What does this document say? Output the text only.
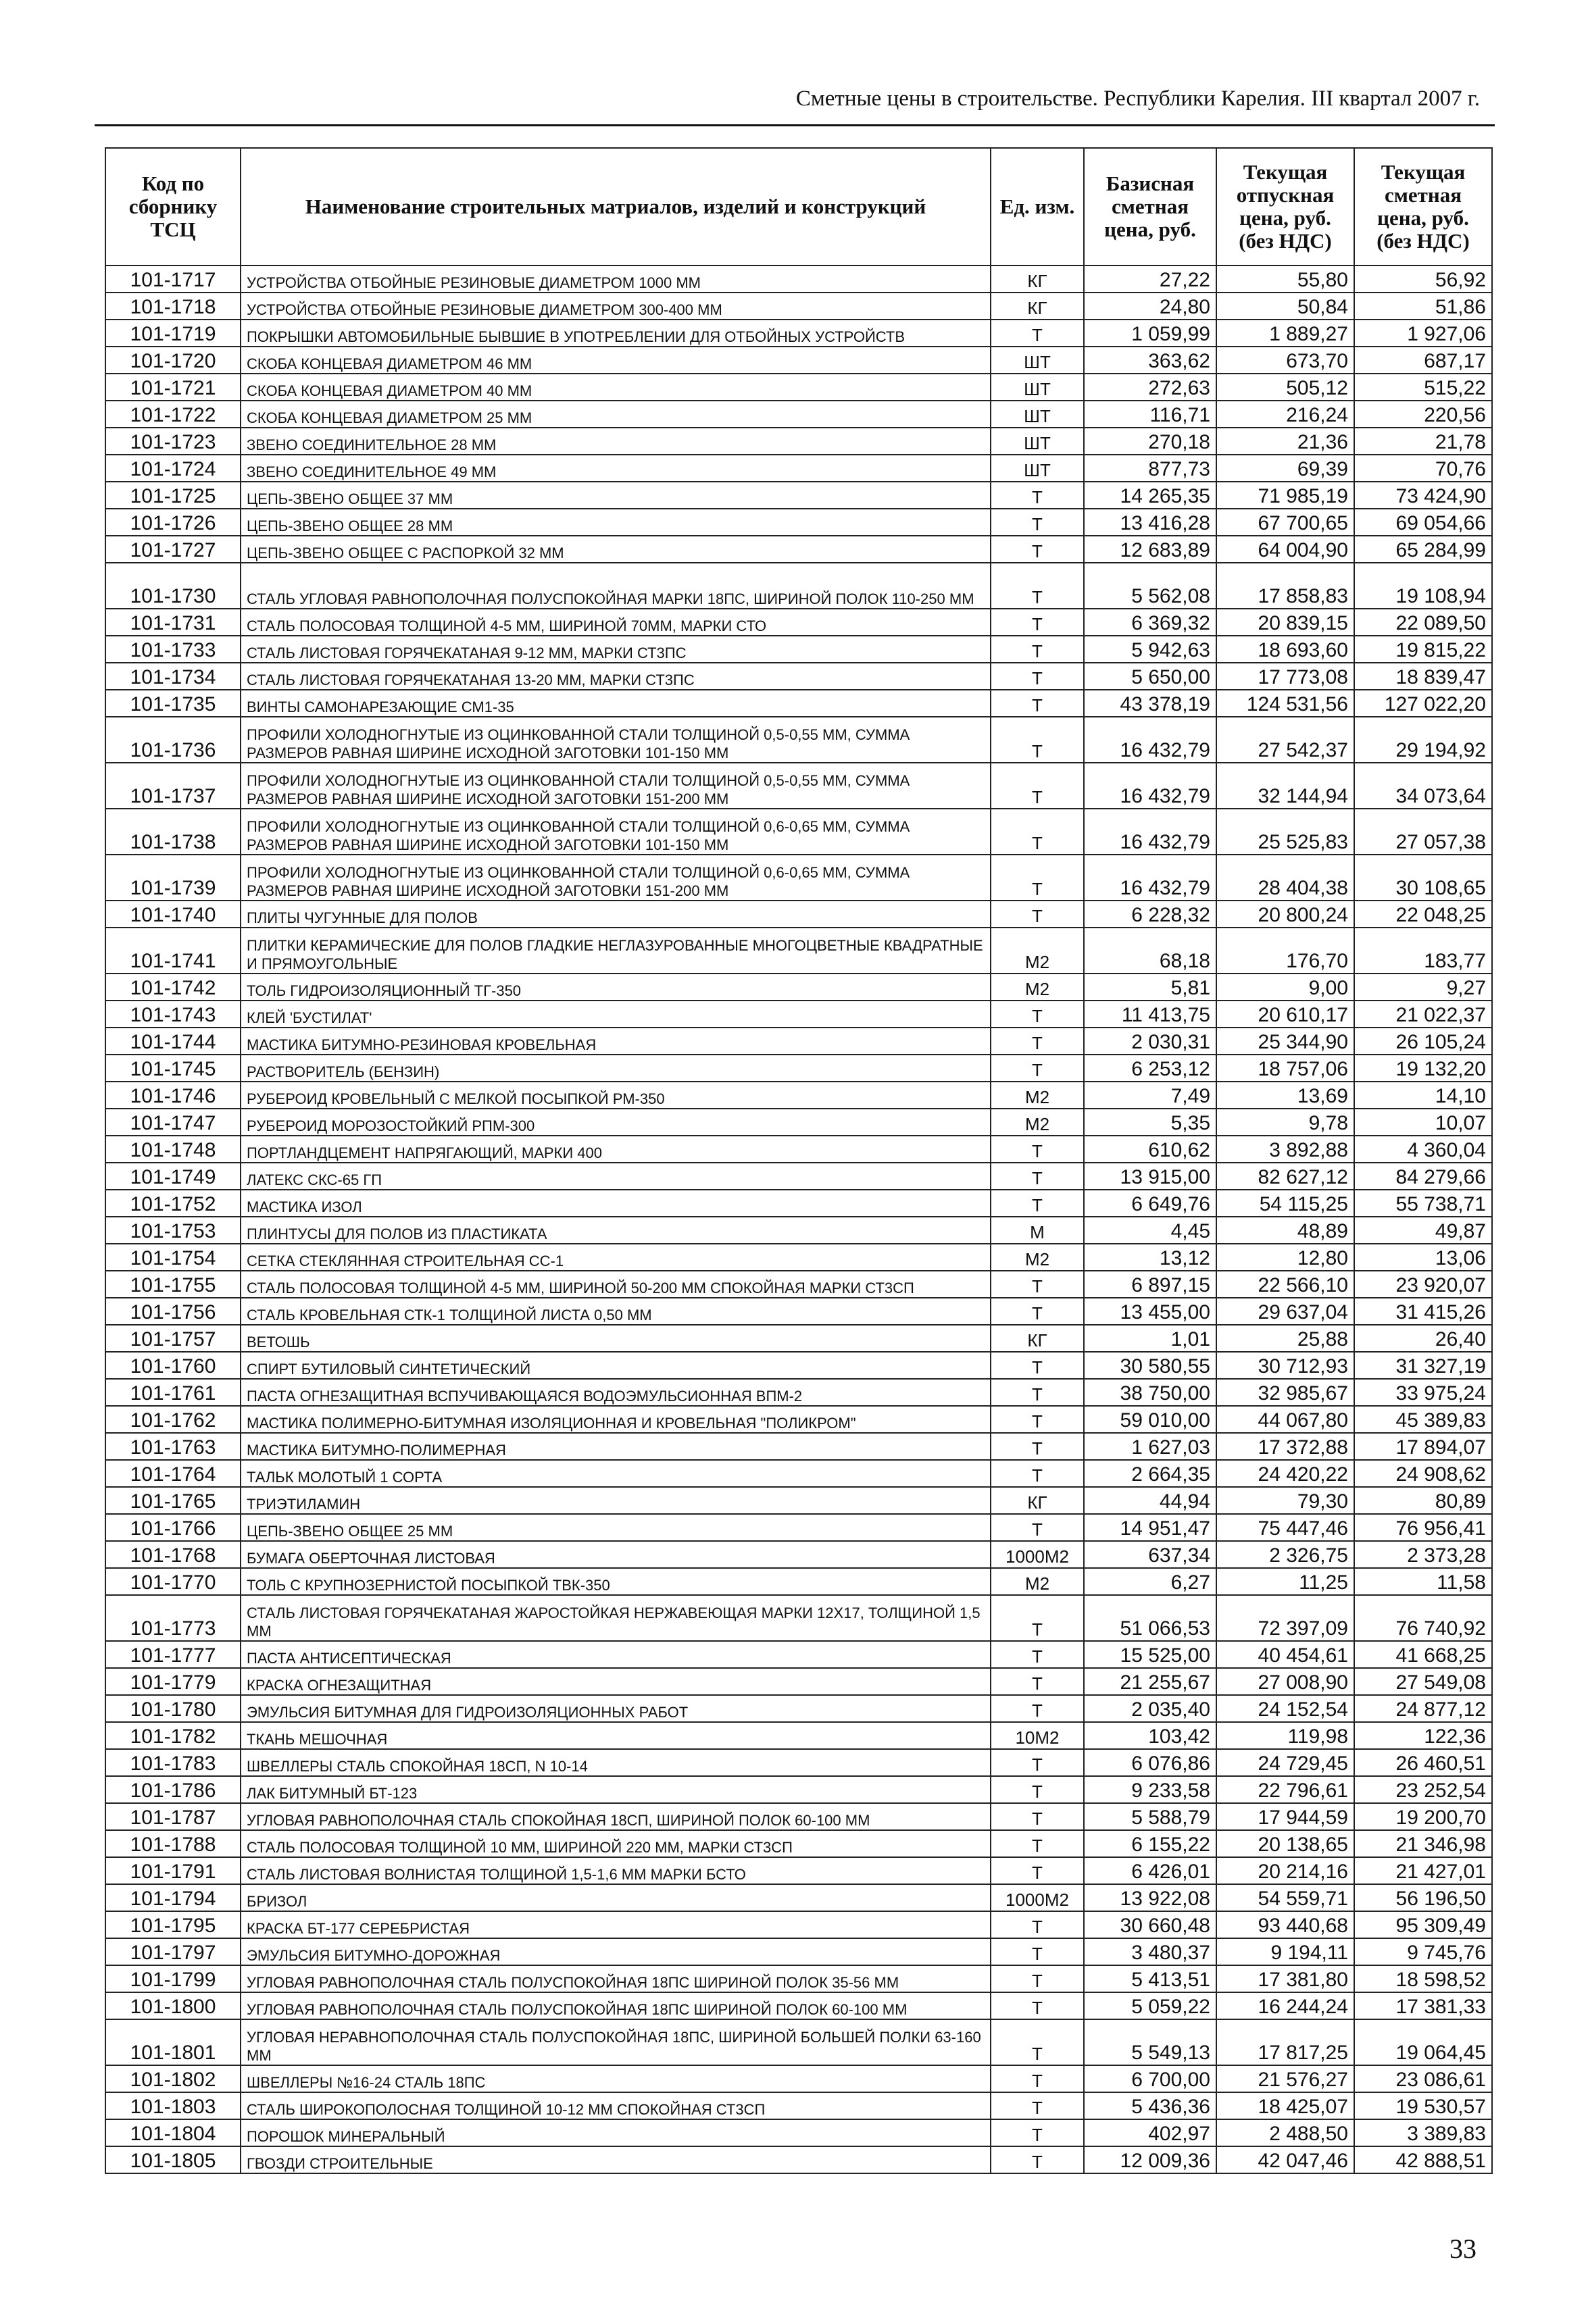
Сметные цены в строительстве. Республики Карелия. III квартал 2007 г.
Код по сборнику ТСЦ	Наименование строительных матриалов, изделий и конструкций	Ед. изм.	Базисная сметная цена, руб.	Текущая отпускная цена, руб. (без НДС)	Текущая сметная цена, руб. (без НДС)
101-1717	УСТРОЙСТВА ОТБОЙНЫЕ РЕЗИНОВЫЕ ДИАМЕТРОМ 1000 ММ	КГ	27,22	55,80	56,92
101-1718	УСТРОЙСТВА ОТБОЙНЫЕ РЕЗИНОВЫЕ ДИАМЕТРОМ 300-400 ММ	КГ	24,80	50,84	51,86
101-1719	ПОКРЫШКИ АВТОМОБИЛЬНЫЕ БЫВШИЕ В УПОТРЕБЛЕНИИ ДЛЯ ОТБОЙНЫХ УСТРОЙСТВ	Т	1 059,99	1 889,27	1 927,06
101-1720	СКОБА КОНЦЕВАЯ ДИАМЕТРОМ 46 ММ	ШТ	363,62	673,70	687,17
101-1721	СКОБА КОНЦЕВАЯ ДИАМЕТРОМ 40 ММ	ШТ	272,63	505,12	515,22
101-1722	СКОБА КОНЦЕВАЯ ДИАМЕТРОМ 25 ММ	ШТ	116,71	216,24	220,56
101-1723	ЗВЕНО СОЕДИНИТЕЛЬНОЕ 28 ММ	ШТ	270,18	21,36	21,78
101-1724	ЗВЕНО СОЕДИНИТЕЛЬНОЕ 49 ММ	ШТ	877,73	69,39	70,76
101-1725	ЦЕПЬ-ЗВЕНО ОБЩЕЕ 37 ММ	Т	14 265,35	71 985,19	73 424,90
101-1726	ЦЕПЬ-ЗВЕНО ОБЩЕЕ 28 ММ	Т	13 416,28	67 700,65	69 054,66
101-1727	ЦЕПЬ-ЗВЕНО ОБЩЕЕ С РАСПОРКОЙ 32 ММ	Т	12 683,89	64 004,90	65 284,99
101-1730	СТАЛЬ УГЛОВАЯ РАВНОПОЛОЧНАЯ ПОЛУСПОКОЙНАЯ МАРКИ 18ПС, ШИРИНОЙ ПОЛОК 110-250 ММ	Т	5 562,08	17 858,83	19 108,94
101-1731	СТАЛЬ ПОЛОСОВАЯ ТОЛЩИНОЙ 4-5 ММ, ШИРИНОЙ 70ММ, МАРКИ СТО	Т	6 369,32	20 839,15	22 089,50
101-1733	СТАЛЬ ЛИСТОВАЯ ГОРЯЧЕКАТАНАЯ 9-12 ММ, МАРКИ СТ3ПС	Т	5 942,63	18 693,60	19 815,22
101-1734	СТАЛЬ ЛИСТОВАЯ ГОРЯЧЕКАТАНАЯ 13-20 ММ, МАРКИ СТ3ПС	Т	5 650,00	17 773,08	18 839,47
101-1735	ВИНТЫ САМОНАРЕЗАЮЩИЕ СМ1-35	Т	43 378,19	124 531,56	127 022,20
101-1736	ПРОФИЛИ ХОЛОДНОГНУТЫЕ ИЗ ОЦИНКОВАННОЙ СТАЛИ ТОЛЩИНОЙ 0,5-0,55 ММ, СУММА РАЗМЕРОВ РАВНАЯ ШИРИНЕ ИСХОДНОЙ ЗАГОТОВКИ 101-150 ММ	Т	16 432,79	27 542,37	29 194,92
101-1737	ПРОФИЛИ ХОЛОДНОГНУТЫЕ ИЗ ОЦИНКОВАННОЙ СТАЛИ ТОЛЩИНОЙ 0,5-0,55 ММ, СУММА РАЗМЕРОВ РАВНАЯ ШИРИНЕ ИСХОДНОЙ ЗАГОТОВКИ 151-200 ММ	Т	16 432,79	32 144,94	34 073,64
101-1738	ПРОФИЛИ ХОЛОДНОГНУТЫЕ ИЗ ОЦИНКОВАННОЙ СТАЛИ ТОЛЩИНОЙ 0,6-0,65 ММ, СУММА РАЗМЕРОВ РАВНАЯ ШИРИНЕ ИСХОДНОЙ ЗАГОТОВКИ 101-150 ММ	Т	16 432,79	25 525,83	27 057,38
101-1739	ПРОФИЛИ ХОЛОДНОГНУТЫЕ ИЗ ОЦИНКОВАННОЙ СТАЛИ ТОЛЩИНОЙ 0,6-0,65 ММ, СУММА РАЗМЕРОВ РАВНАЯ ШИРИНЕ ИСХОДНОЙ ЗАГОТОВКИ 151-200 ММ	Т	16 432,79	28 404,38	30 108,65
101-1740	ПЛИТЫ ЧУГУННЫЕ ДЛЯ ПОЛОВ	Т	6 228,32	20 800,24	22 048,25
101-1741	ПЛИТКИ КЕРАМИЧЕСКИЕ ДЛЯ ПОЛОВ ГЛАДКИЕ НЕГЛАЗУРОВАННЫЕ МНОГОЦВЕТНЫЕ КВАДРАТНЫЕ И ПРЯМОУГОЛЬНЫЕ	М2	68,18	176,70	183,77
101-1742	ТОЛЬ ГИДРОИЗОЛЯЦИОННЫЙ ТГ-350	М2	5,81	9,00	9,27
101-1743	КЛЕЙ 'БУСТИЛАТ'	Т	11 413,75	20 610,17	21 022,37
101-1744	МАСТИКА БИТУМНО-РЕЗИНОВАЯ КРОВЕЛЬНАЯ	Т	2 030,31	25 344,90	26 105,24
101-1745	РАСТВОРИТЕЛЬ (БЕНЗИН)	Т	6 253,12	18 757,06	19 132,20
101-1746	РУБЕРОИД КРОВЕЛЬНЫЙ С МЕЛКОЙ ПОСЫПКОЙ РМ-350	М2	7,49	13,69	14,10
101-1747	РУБЕРОИД МОРОЗОСТОЙКИЙ РПМ-300	М2	5,35	9,78	10,07
101-1748	ПОРТЛАНДЦЕМЕНТ НАПРЯГАЮЩИЙ, МАРКИ 400	Т	610,62	3 892,88	4 360,04
101-1749	ЛАТЕКС СКС-65 ГП	Т	13 915,00	82 627,12	84 279,66
101-1752	МАСТИКА ИЗОЛ	Т	6 649,76	54 115,25	55 738,71
101-1753	ПЛИНТУСЫ ДЛЯ ПОЛОВ ИЗ ПЛАСТИКАТА	М	4,45	48,89	49,87
101-1754	СЕТКА СТЕКЛЯННАЯ СТРОИТЕЛЬНАЯ СС-1	М2	13,12	12,80	13,06
101-1755	СТАЛЬ ПОЛОСОВАЯ ТОЛЩИНОЙ 4-5 ММ, ШИРИНОЙ 50-200 ММ СПОКОЙНАЯ МАРКИ СТ3СП	Т	6 897,15	22 566,10	23 920,07
101-1756	СТАЛЬ КРОВЕЛЬНАЯ СТК-1 ТОЛЩИНОЙ ЛИСТА 0,50 ММ	Т	13 455,00	29 637,04	31 415,26
101-1757	ВЕТОШЬ	КГ	1,01	25,88	26,40
101-1760	СПИРТ БУТИЛОВЫЙ СИНТЕТИЧЕСКИЙ	Т	30 580,55	30 712,93	31 327,19
101-1761	ПАСТА ОГНЕЗАЩИТНАЯ ВСПУЧИВАЮЩАЯСЯ ВОДОЭМУЛЬСИОННАЯ ВПМ-2	Т	38 750,00	32 985,67	33 975,24
101-1762	МАСТИКА ПОЛИМЕРНО-БИТУМНАЯ ИЗОЛЯЦИОННАЯ И КРОВЕЛЬНАЯ "ПОЛИКРОМ"	Т	59 010,00	44 067,80	45 389,83
101-1763	МАСТИКА БИТУМНО-ПОЛИМЕРНАЯ	Т	1 627,03	17 372,88	17 894,07
101-1764	ТАЛЬК МОЛОТЫЙ 1 СОРТА	Т	2 664,35	24 420,22	24 908,62
101-1765	ТРИЭТИЛАМИН	КГ	44,94	79,30	80,89
101-1766	ЦЕПЬ-ЗВЕНО ОБЩЕЕ 25 ММ	Т	14 951,47	75 447,46	76 956,41
101-1768	БУМАГА ОБЕРТОЧНАЯ ЛИСТОВАЯ	1000М2	637,34	2 326,75	2 373,28
101-1770	ТОЛЬ С КРУПНОЗЕРНИСТОЙ ПОСЫПКОЙ ТВК-350	М2	6,27	11,25	11,58
101-1773	СТАЛЬ ЛИСТОВАЯ ГОРЯЧЕКАТАНАЯ ЖАРОСТОЙКАЯ НЕРЖАВЕЮЩАЯ МАРКИ 12Х17, ТОЛЩИНОЙ 1,5 ММ	Т	51 066,53	72 397,09	76 740,92
101-1777	ПАСТА АНТИСЕПТИЧЕСКАЯ	Т	15 525,00	40 454,61	41 668,25
101-1779	КРАСКА ОГНЕЗАЩИТНАЯ	Т	21 255,67	27 008,90	27 549,08
101-1780	ЭМУЛЬСИЯ БИТУМНАЯ ДЛЯ ГИДРОИЗОЛЯЦИОННЫХ РАБОТ	Т	2 035,40	24 152,54	24 877,12
101-1782	ТКАНЬ МЕШОЧНАЯ	10М2	103,42	119,98	122,36
101-1783	ШВЕЛЛЕРЫ СТАЛЬ СПОКОЙНАЯ 18СП, N 10-14	Т	6 076,86	24 729,45	26 460,51
101-1786	ЛАК БИТУМНЫЙ БТ-123	Т	9 233,58	22 796,61	23 252,54
101-1787	УГЛОВАЯ РАВНОПОЛОЧНАЯ СТАЛЬ СПОКОЙНАЯ 18СП, ШИРИНОЙ ПОЛОК 60-100 ММ	Т	5 588,79	17 944,59	19 200,70
101-1788	СТАЛЬ ПОЛОСОВАЯ ТОЛЩИНОЙ 10 ММ, ШИРИНОЙ 220 ММ, МАРКИ СТ3СП	Т	6 155,22	20 138,65	21 346,98
101-1791	СТАЛЬ ЛИСТОВАЯ ВОЛНИСТАЯ ТОЛЩИНОЙ 1,5-1,6 ММ МАРКИ БСТО	Т	6 426,01	20 214,16	21 427,01
101-1794	БРИЗОЛ	1000М2	13 922,08	54 559,71	56 196,50
101-1795	КРАСКА БТ-177 СЕРЕБРИСТАЯ	Т	30 660,48	93 440,68	95 309,49
101-1797	ЭМУЛЬСИЯ БИТУМНО-ДОРОЖНАЯ	Т	3 480,37	9 194,11	9 745,76
101-1799	УГЛОВАЯ РАВНОПОЛОЧНАЯ СТАЛЬ ПОЛУСПОКОЙНАЯ 18ПС ШИРИНОЙ ПОЛОК 35-56 ММ	Т	5 413,51	17 381,80	18 598,52
101-1800	УГЛОВАЯ РАВНОПОЛОЧНАЯ СТАЛЬ ПОЛУСПОКОЙНАЯ 18ПС ШИРИНОЙ ПОЛОК 60-100 ММ	Т	5 059,22	16 244,24	17 381,33
101-1801	УГЛОВАЯ НЕРАВНОПОЛОЧНАЯ СТАЛЬ ПОЛУСПОКОЙНАЯ 18ПС, ШИРИНОЙ БОЛЬШЕЙ ПОЛКИ 63-160 ММ	Т	5 549,13	17 817,25	19 064,45
101-1802	ШВЕЛЛЕРЫ №16-24 СТАЛЬ 18ПС	Т	6 700,00	21 576,27	23 086,61
101-1803	СТАЛЬ ШИРОКОПОЛОСНАЯ ТОЛЩИНОЙ 10-12 ММ СПОКОЙНАЯ СТ3СП	Т	5 436,36	18 425,07	19 530,57
101-1804	ПОРОШОК МИНЕРАЛЬНЫЙ	Т	402,97	2 488,50	3 389,83
101-1805	ГВОЗДИ СТРОИТЕЛЬНЫЕ	Т	12 009,36	42 047,46	42 888,51
33
